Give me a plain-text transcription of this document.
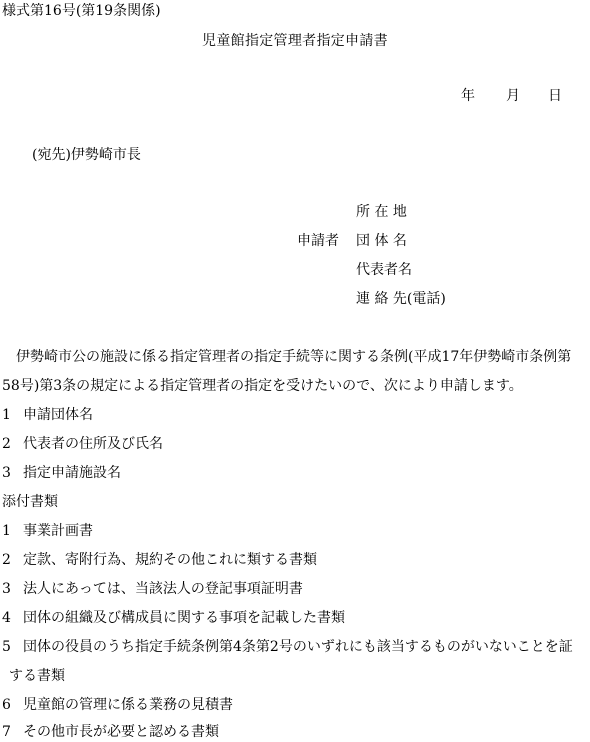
様式第16号(第19条関係)
児童館指定管理者指定申請書
年 月 日
(宛先)伊勢崎市長
申請者
所 在 地
団 体 名
代表者名
連 絡 先(電話)
伊勢崎市公の施設に係る指定管理者の指定手続等に関する条例(平成17年伊勢崎市条例第
58号)第3条の規定による指定管理者の指定を受けたいので、次により申請します。
1 申請団体名
2 代表者の住所及び氏名
3 指定申請施設名
添付書類
1 事業計画書
2 定款、寄附行為、規約その他これに類する書類
3 法人にあっては、当該法人の登記事項証明書
4 団体の組織及び構成員に関する事項を記載した書類
5 団体の役員のうち指定手続条例第4条第2号のいずれにも該当するものがいないことを証
する書類
6 児童館の管理に係る業務の見積書
7 その他市長が必要と認める書類
